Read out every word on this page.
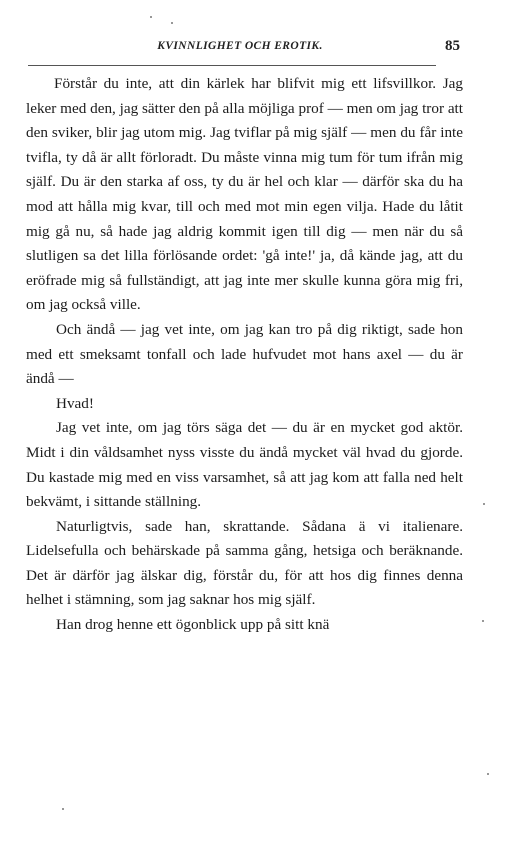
KVINNLIGHET OCH EROTIK.	85

Förstår du inte, att din kärlek har blifvit mig ett lifsvillkor. Jag leker med den, jag sätter den på alla möjliga prof — men om jag tror att den sviker, blir jag utom mig. Jag tviflar på mig själf — men du får inte tvifla, ty då är allt förloradt. Du måste vinna mig tum för tum ifrån mig själf. Du är den starka af oss, ty du är hel och klar — därför ska du ha mod att hålla mig kvar, till och med mot min egen vilja. Hade du låtit mig gå nu, så hade jag aldrig kommit igen till dig — men när du så slutligen sa det lilla förlösande ordet: 'gå inte!' ja, då kände jag, att du eröfrade mig så fullständigt, att jag inte mer skulle kunna göra mig fri, om jag också ville.

Och ändå — jag vet inte, om jag kan tro på dig riktigt, sade hon med ett smeksamt tonfall och lade hufvudet mot hans axel — du är ändå —

Hvad!

Jag vet inte, om jag törs säga det — du är en mycket god aktör. Midt i din våldsamhet nyss visste du ändå mycket väl hvad du gjorde. Du kastade mig med en viss varsamhet, så att jag kom att falla ned helt bekvämt, i sittande ställning.

Naturligtvis, sade han, skrattande. Sådana ä vi italienare. Lidelsefulla och behärskade på samma gång, hetsiga och beräknande. Det är därför jag älskar dig, förstår du, för att hos dig finnes denna helhet i stämning, som jag saknar hos mig själf.

Han drog henne ett ögonblick upp på sitt knä
